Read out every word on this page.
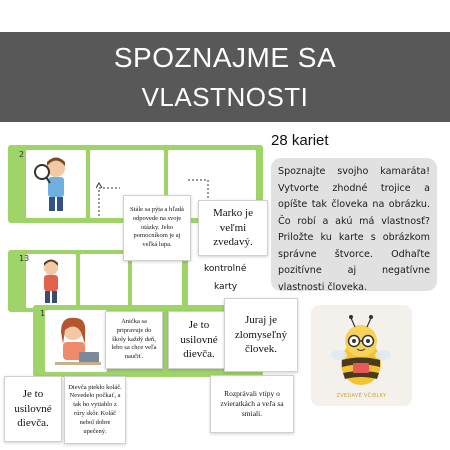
SPOZNAJME SA
VLASTNOSTI
2
13
1
Stále sa pýta a hľadá odpovede na svoje otázky. Jeho pomocníkom je aj veľká lupa.
Marko je veľmi zvedavý.
Anička sa pripravuje do školy každý deň, lebo sa chce veľa naučiť.
Je to usilovné dievča.
Juraj je zlomyseľný človek.
Je to usilovné dievča.
Dievča piekło koláč. Nevedelo počkať, a tak ho vytiahlo z rúry skôr. Koláč nebol dobre upečený.
Rozprávali vtipy o zvieratkách a veľa sa smiali.
kontrolné
karty
28 kariet
Spoznajte svojho kamaráta! Vytvorte zhodné trojice a opíšte tak človeka na obrázku. Čo robí a akú má vlastnosť? Priložte ku karte s obrázkom správne štvorce. Odhaľte pozitívne aj negatívne vlastnosti človeka.
ZVEDAVÉ VČIELKY
